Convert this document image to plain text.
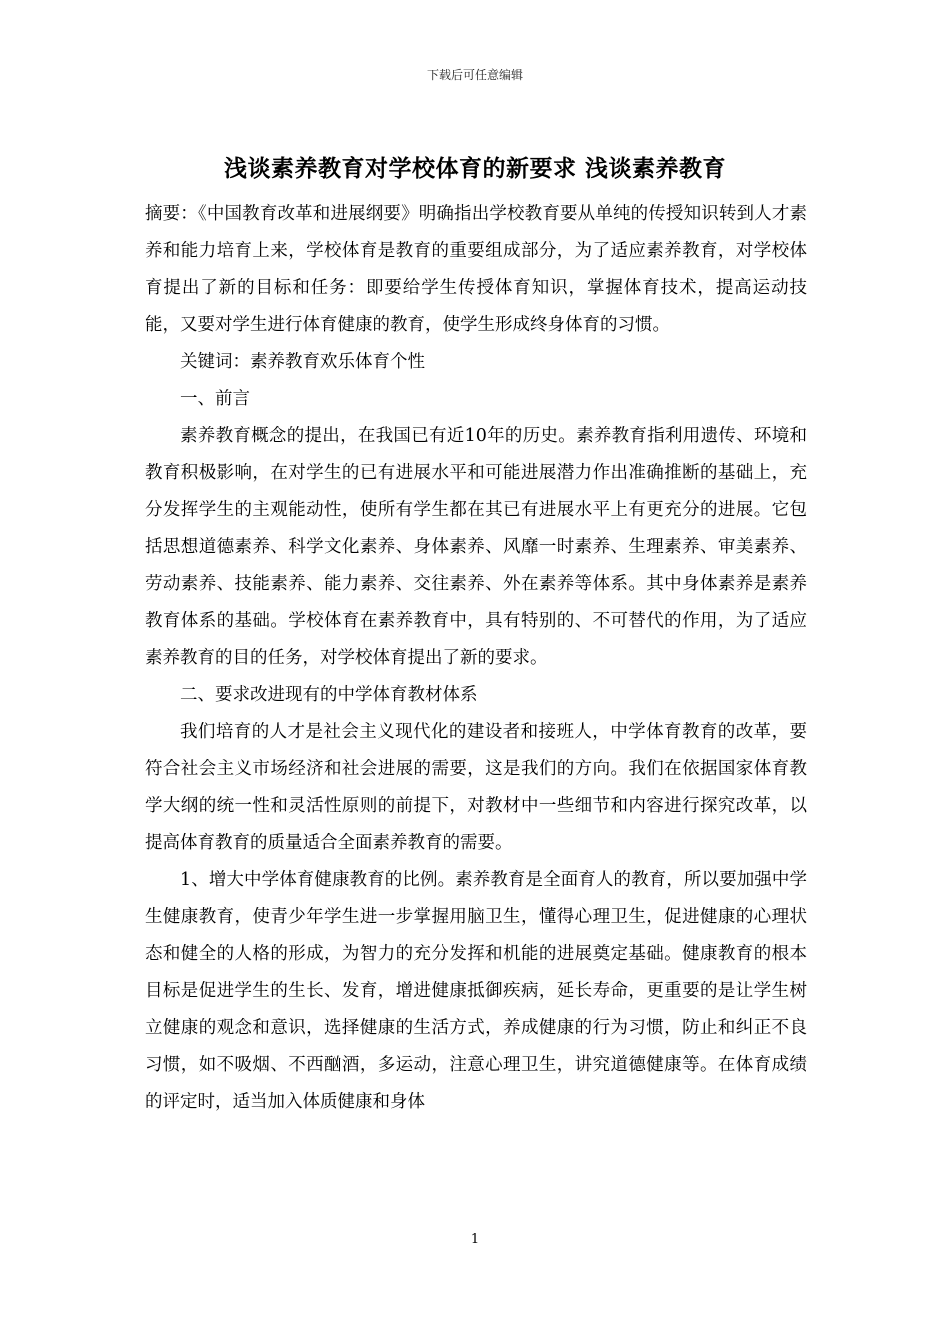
下载后可任意编辑
浅谈素养教育对学校体育的新要求 浅谈素养教育

摘要：《中国教育改革和进展纲要》明确指出学校教育要从单纯的传授知识转到人才素养和能力培育上来，学校体育是教育的重要组成部分，为了适应素养教育，对学校体育提出了新的目标和任务：即要给学生传授体育知识，掌握体育技术，提高运动技能，又要对学生进行体育健康的教育，使学生形成终身体育的习惯。

关键词：素养教育欢乐体育个性

一、前言

素养教育概念的提出，在我国已有近10年的历史。素养教育指利用遗传、环境和教育积极影响，在对学生的已有进展水平和可能进展潜力作出准确推断的基础上，充分发挥学生的主观能动性，使所有学生都在其已有进展水平上有更充分的进展。它包括思想道德素养、科学文化素养、身体素养、风靡一时素养、生理素养、审美素养、劳动素养、技能素养、能力素养、交往素养、外在素养等体系。其中身体素养是素养教育体系的基础。学校体育在素养教育中，具有特别的、不可替代的作用，为了适应素养教育的目的任务，对学校体育提出了新的要求。

二、要求改进现有的中学体育教材体系

我们培育的人才是社会主义现代化的建设者和接班人，中学体育教育的改革，要符合社会主义市场经济和社会进展的需要，这是我们的方向。我们在依据国家体育教学大纲的统一性和灵活性原则的前提下，对教材中一些细节和内容进行探究改革，以提高体育教育的质量适合全面素养教育的需要。

1、增大中学体育健康教育的比例。素养教育是全面育人的教育，所以要加强中学生健康教育，使青少年学生进一步掌握用脑卫生，懂得心理卫生，促进健康的心理状态和健全的人格的形成，为智力的充分发挥和机能的进展奠定基础。健康教育的根本目标是促进学生的生长、发育，增进健康抵御疾病，延长寿命，更重要的是让学生树立健康的观念和意识，选择健康的生活方式，养成健康的行为习惯，防止和纠正不良习惯，如不吸烟、不西酗酒，多运动，注意心理卫生，讲究道德健康等。在体育成绩的评定时，适当加入体质健康和身体

1
